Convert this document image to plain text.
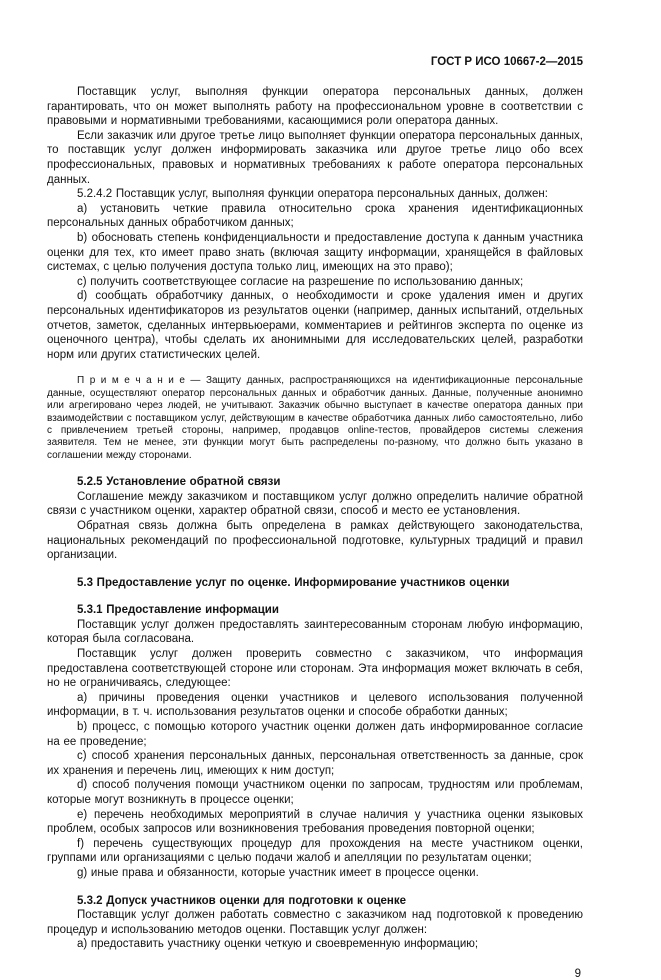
ГОСТ Р ИСО 10667-2—2015

Поставщик услуг, выполняя функции оператора персональных данных, должен гарантировать, что он может выполнять работу на профессиональном уровне в соответствии с правовыми и нормативными требованиями, касающимися роли оператора данных.

Если заказчик или другое третье лицо выполняет функции оператора персональных данных, то поставщик услуг должен информировать заказчика или другое третье лицо обо всех профессиональных, правовых и нормативных требованиях к работе оператора персональных данных.

5.2.4.2 Поставщик услуг, выполняя функции оператора персональных данных, должен:

а) установить четкие правила относительно срока хранения идентификационных персональных данных обработчиком данных;

b) обосновать степень конфиденциальности и предоставление доступа к данным участника оценки для тех, кто имеет право знать (включая защиту информации, хранящейся в файловых системах, с целью получения доступа только лиц, имеющих на это право);

c) получить соответствующее согласие на разрешение по использованию данных;

d) сообщать обработчику данных, о необходимости и сроке удаления имен и других персональных идентификаторов из результатов оценки (например, данных испытаний, отдельных отчетов, заметок, сделанных интервьюерами, комментариев и рейтингов эксперта по оценке из оценочного центра), чтобы сделать их анонимными для исследовательских целей, разработки норм или других статистических целей.

П р и м е ч а н и е — Защиту данных, распространяющихся на идентификационные персональные данные, осуществляют оператор персональных данных и обработчик данных. Данные, полученные анонимно или агрегировано через людей, не учитывают. Заказчик обычно выступает в качестве оператора данных при взаимодействии с поставщиком услуг, действующим в качестве обработчика данных либо самостоятельно, либо с привлечением третьей стороны, например, продавцов online-тестов, провайдеров системы слежения заявителя. Тем не менее, эти функции могут быть распределены по-разному, что должно быть указано в соглашении между сторонами.

5.2.5 Установление обратной связи

Соглашение между заказчиком и поставщиком услуг должно определить наличие обратной связи с участником оценки, характер обратной связи, способ и место ее установления.

Обратная связь должна быть определена в рамках действующего законодательства, национальных рекомендаций по профессиональной подготовке, культурных традиций и правил организации.

5.3 Предоставление услуг по оценке. Информирование участников оценки

5.3.1 Предоставление информации

Поставщик услуг должен предоставлять заинтересованным сторонам любую информацию, которая была согласована.

Поставщик услуг должен проверить совместно с заказчиком, что информация предоставлена соответствующей стороне или сторонам. Эта информация может включать в себя, но не ограничиваясь, следующее:

а) причины проведения оценки участников и целевого использования полученной информации, в т. ч. использования результатов оценки и способе обработки данных;

b) процесс, с помощью которого участник оценки должен дать информированное согласие на ее проведение;

c) способ хранения персональных данных, персональная ответственность за данные, срок их хранения и перечень лиц, имеющих к ним доступ;

d) способ получения помощи участником оценки по запросам, трудностям или проблемам, которые могут возникнуть в процессе оценки;

e) перечень необходимых мероприятий в случае наличия у участника оценки языковых проблем, особых запросов или возникновения требования проведения повторной оценки;

f) перечень существующих процедур для прохождения на месте участником оценки, группами или организациями с целью подачи жалоб и апелляции по результатам оценки;

g) иные права и обязанности, которые участник имеет в процессе оценки.

5.3.2 Допуск участников оценки для подготовки к оценке

Поставщик услуг должен работать совместно с заказчиком над подготовкой к проведению процедур и использованию методов оценки. Поставщик услуг должен:

а) предоставить участнику оценки четкую и своевременную информацию;

9
